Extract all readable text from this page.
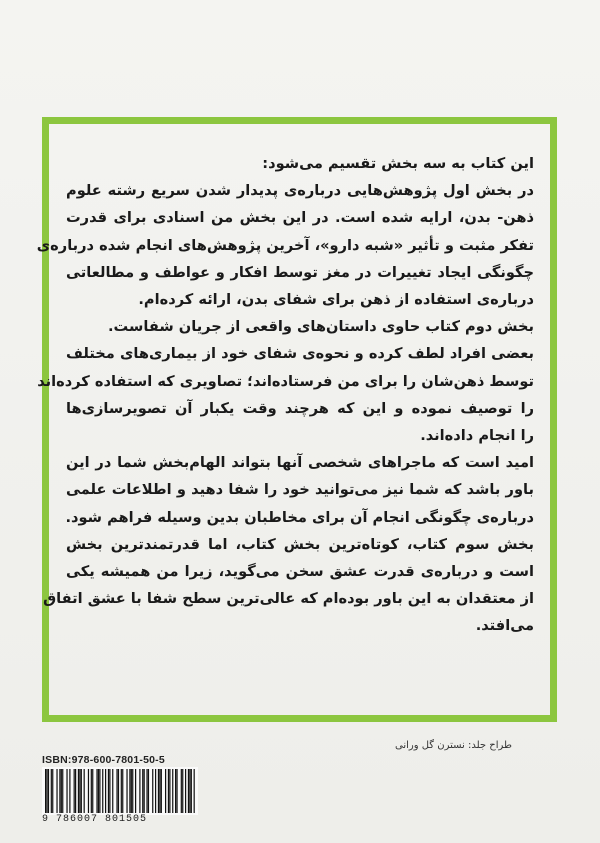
این کتاب به سه بخش تقسیم می‌شود:
در بخش اول پژوهش‌هایی درباره‌ی پدیدار شدن سریع رشته علوم
ذهن- بدن، ارایه شده است. در این بخش من اسنادی برای قدرت
تفکر مثبت و تأثیر «شبه دارو»، آخرین پژوهش‌های انجام شده درباره‌ی
چگونگی ایجاد تغییرات در مغز توسط افکار و عواطف و مطالعاتی
درباره‌ی استفاده از ذهن برای شفای بدن، ارائه کرده‌ام.
بخش دوم کتاب حاوی داستان‌های واقعی از جریان شفاست.
بعضی افراد لطف کرده و نحوه‌ی شفای خود از بیماری‌های مختلف
توسط ذهن‌شان را برای من فرستاده‌اند؛ تصاویری که استفاده کرده‌اند
را توصیف نموده و این که هرچند وقت یکبار آن تصویرسازی‌ها
را انجام داده‌اند.
امید است که ماجراهای شخصی آنها بتواند الهام‌بخش شما در این
باور باشد که شما نیز می‌توانید خود را شفا دهید و اطلاعات علمی
درباره‌ی چگونگی انجام آن برای مخاطبان بدین وسیله فراهم شود.
بخش سوم کتاب، کوتاه‌ترین بخش کتاب، اما قدرتمندترین بخش
است و درباره‌ی قدرت عشق سخن می‌گوید، زیرا من همیشه یکی
از معتقدان به این باور بوده‌ام که عالی‌ترین سطح شفا با عشق اتفاق
می‌افتد.
طراح جلد: نسترن گل ورانی
ISBN:978-600-7801-50-5
9 786007 801505
